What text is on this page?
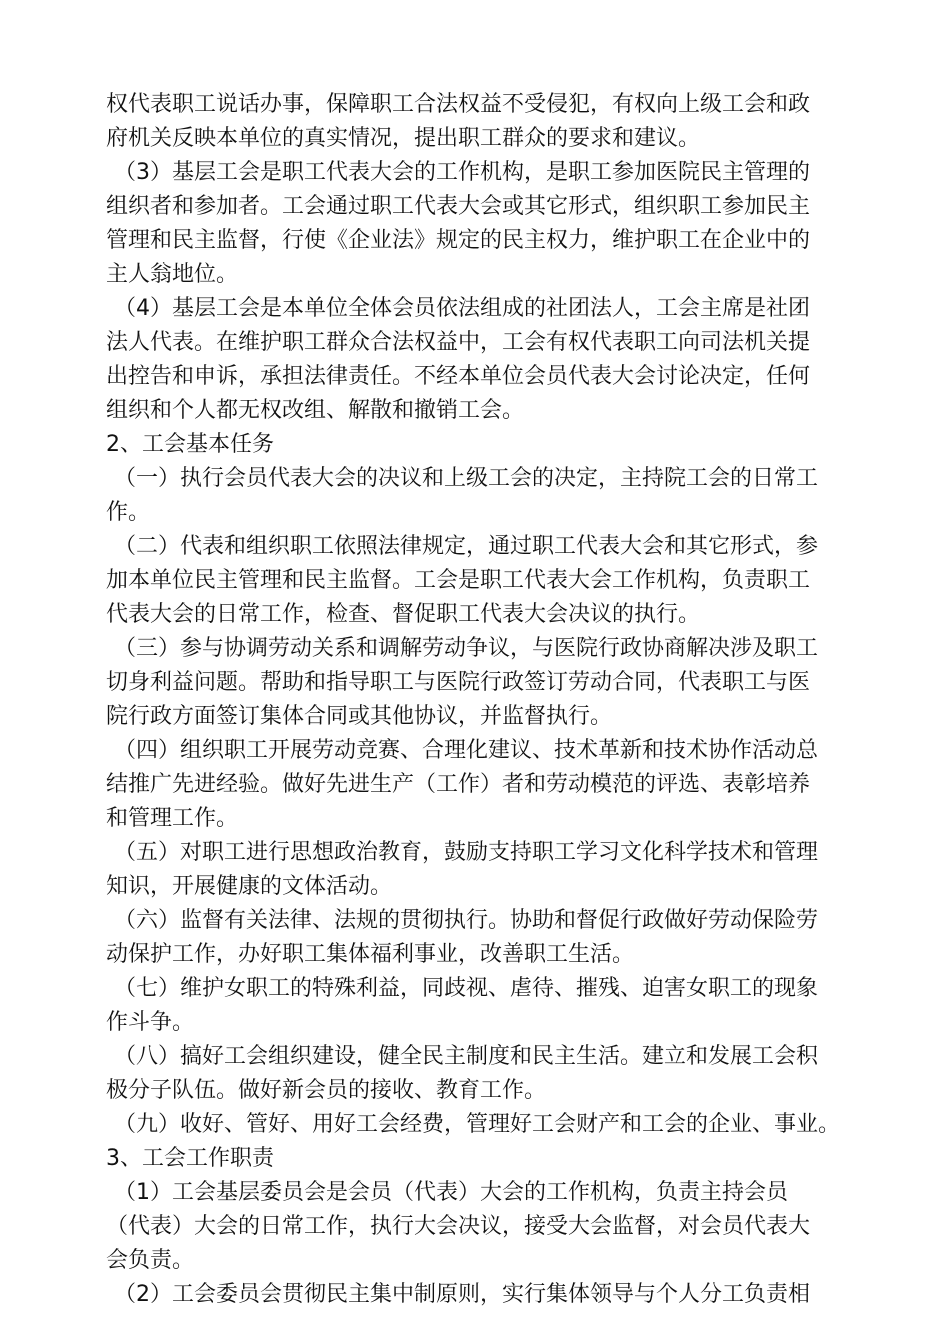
权代表职工说话办事，保障职工合法权益不受侵犯，有权向上级工会和政
府机关反映本单位的真实情况，提出职工群众的要求和建议。
（3）基层工会是职工代表大会的工作机构，是职工参加医院民主管理的
组织者和参加者。工会通过职工代表大会或其它形式，组织职工参加民主
管理和民主监督，行使《企业法》规定的民主权力，维护职工在企业中的
主人翁地位。
（4）基层工会是本单位全体会员依法组成的社团法人，工会主席是社团
法人代表。在维护职工群众合法权益中，工会有权代表职工向司法机关提
出控告和申诉，承担法律责任。不经本单位会员代表大会讨论决定，任何
组织和个人都无权改组、解散和撤销工会。
2、工会基本任务
（一）执行会员代表大会的决议和上级工会的决定，主持院工会的日常工
作。
（二）代表和组织职工依照法律规定，通过职工代表大会和其它形式，参
加本单位民主管理和民主监督。工会是职工代表大会工作机构，负责职工
代表大会的日常工作，检查、督促职工代表大会决议的执行。
（三）参与协调劳动关系和调解劳动争议，与医院行政协商解决涉及职工
切身利益问题。帮助和指导职工与医院行政签订劳动合同，代表职工与医
院行政方面签订集体合同或其他协议，并监督执行。
（四）组织职工开展劳动竞赛、合理化建议、技术革新和技术协作活动总
结推广先进经验。做好先进生产（工作）者和劳动模范的评选、表彰培养
和管理工作。
（五）对职工进行思想政治教育，鼓励支持职工学习文化科学技术和管理
知识，开展健康的文体活动。
（六）监督有关法律、法规的贯彻执行。协助和督促行政做好劳动保险劳
动保护工作，办好职工集体福利事业，改善职工生活。
（七）维护女职工的特殊利益，同歧视、虐待、摧残、迫害女职工的现象
作斗争。
（八）搞好工会组织建设，健全民主制度和民主生活。建立和发展工会积
极分子队伍。做好新会员的接收、教育工作。
（九）收好、管好、用好工会经费，管理好工会财产和工会的企业、事业。
3、工会工作职责
（1）工会基层委员会是会员（代表）大会的工作机构，负责主持会员
（代表）大会的日常工作，执行大会决议，接受大会监督，对会员代表大
会负责。
（2）工会委员会贯彻民主集中制原则，实行集体领导与个人分工负责相
